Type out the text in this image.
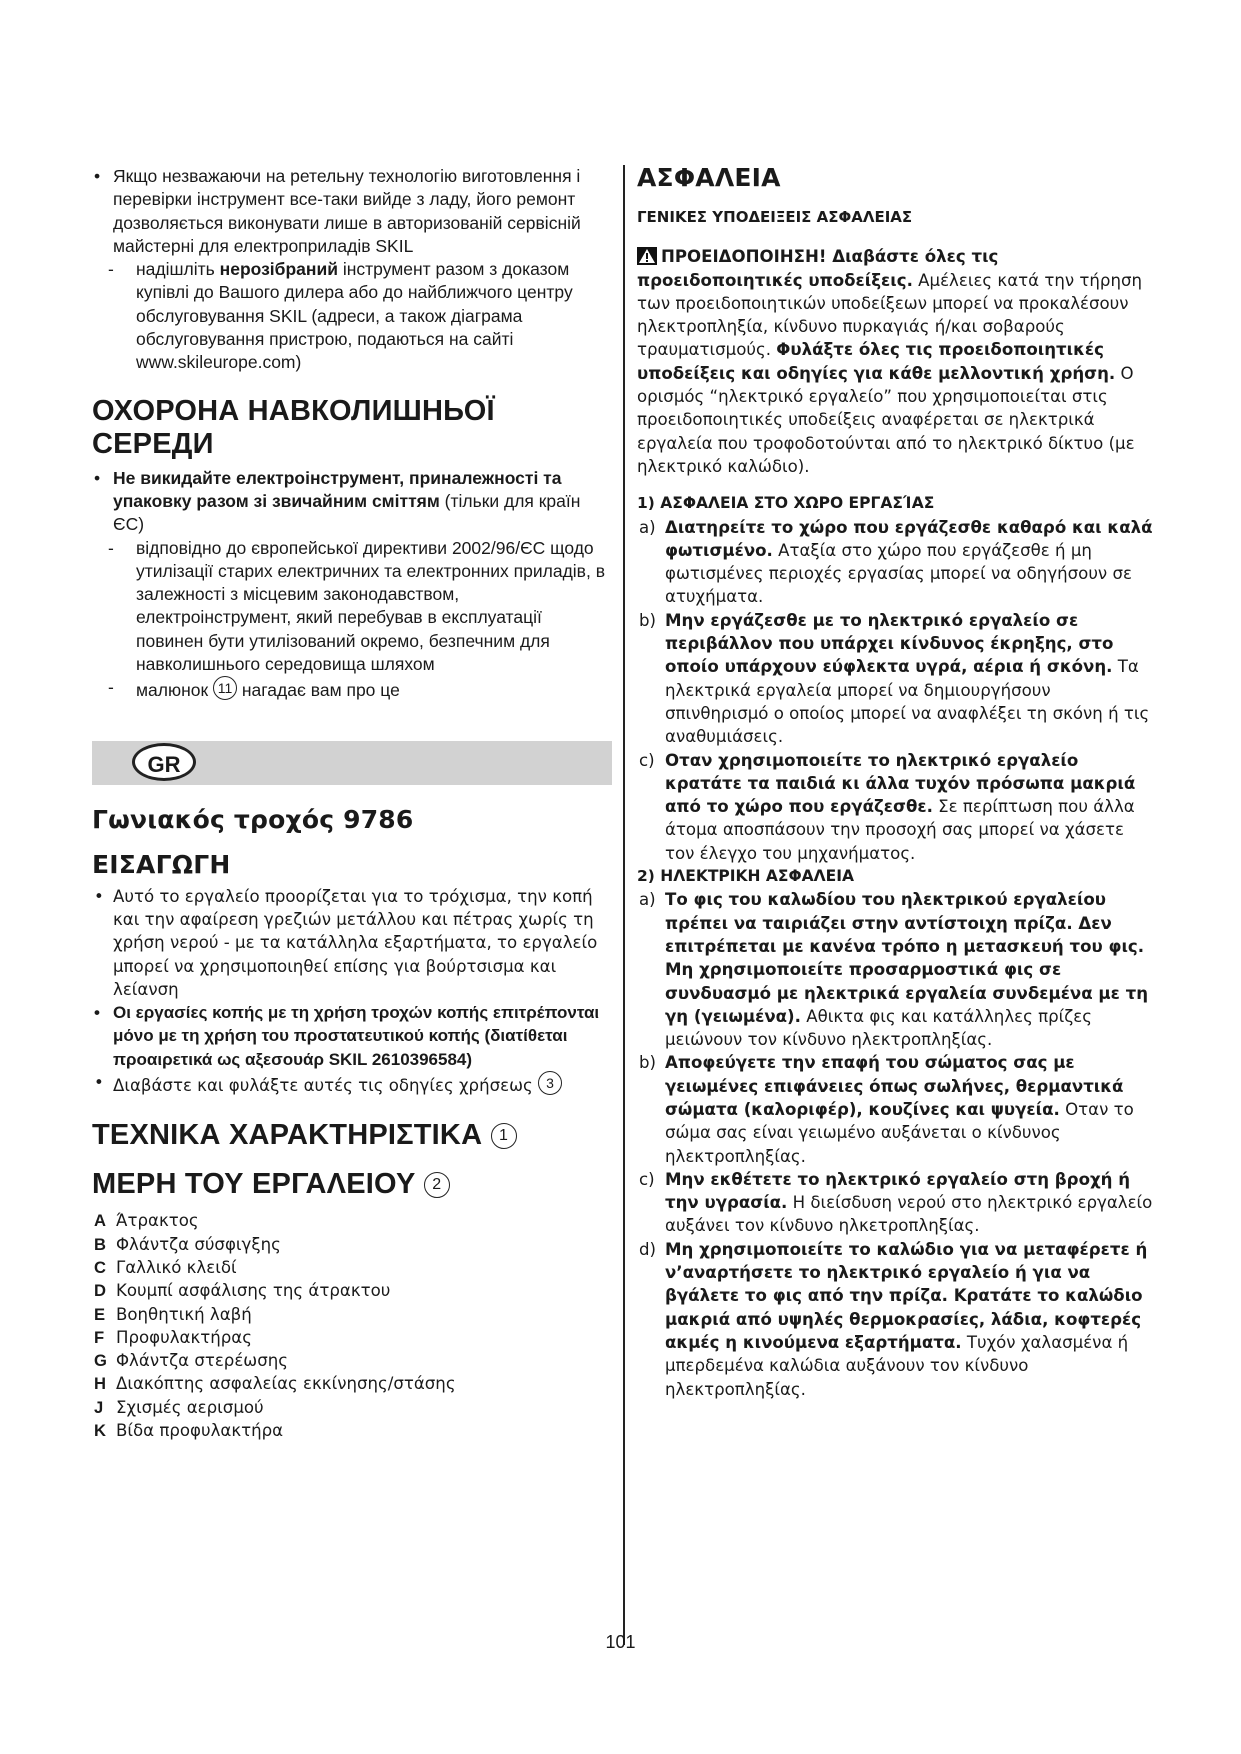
• Якщо незважаючи на ретельну технологію виготовлення і перевірки інструмент все-таки вийде з ладу, його ремонт дозволяється виконувати лише в авторизованій сервісній майстерні для електроприладів SKIL
- надішліть нерозібраний інструмент разом з доказом купівлі до Вашого дилера або до найближчого центру обслуговування SKIL (адреси, а також діаграма обслуговування пристрою, подаються на сайті www.skileurope.com)
ОХОРОНА НАВКОЛИШНЬОЇ СЕРЕДИ
• Не викидайте електроінструмент, приналежності та упаковку разом зі звичайним сміттям (тільки для країн ЄС)
- відповідно до європейської директиви 2002/96/ЄС щодо утилізації старих електричних та електронних приладів, в залежності з місцевим законодавством, електроінструмент, який перебував в експлуатації повинен бути утилізований окремо, безпечним для навколишнього середовища шляхом
- малюнок 11 нагадає вам про це
GR
Γωνιακός τροχός 9786
ΕΙΣΑΓΩΓΗ
• Αυτό το εργαλείο προορίζεται για το τρόχισμα, την κοπή και την αφαίρεση γρεζιών μετάλλου και πέτρας χωρίς τη χρήση νερού - με τα κατάλληλα εξαρτήματα, το εργαλείο μπορεί να χρησιμοποιηθεί επίσης για βούρτσισμα και λείανση
• Οι εργασίες κοπής με τη χρήση τροχών κοπής επιτρέπονται μόνο με τη χρήση του προστατευτικού κοπής (διατίθεται προαιρετικά ως αξεσουάρ SKIL 2610396584)
• Διαβάστε και φυλάξτε αυτές τις οδηγίες χρήσεως 3
ΤΕΧΝΙΚΑ ΧΑΡΑΚΤΗΡΙΣΤΙΚΑ 1
ΜΕΡΗ ΤΟΥ ΕΡΓΑΛΕΙΟΥ 2
A Άτρακτος
B Φλάντζα σύσφιγξης
C Γαλλικό κλειδί
D Κουμπί ασφάλισης της άτρακτου
E Βοηθητική λαβή
F Προφυλακτήρας
G Φλάντζα στερέωσης
H Διακόπτης ασφαλείας εκκίνησης/στάσης
J Σχισμές αερισμού
K Βίδα προφυλακτήρα
ΑΣΦΑΛΕΙΑ
ΓΕΝΙΚΕΣ ΥΠΟΔΕΙΞΕΙΣ ΑΣΦΑΛΕΙΑΣ
ΠΡΟΕΙΔΟΠΟΙΗΣΗ! Διαβάστε όλες τις προειδοποιητικές υποδείξεις. Αμέλειες κατά την τήρηση των προειδοποιητικών υποδείξεων μπορεί να προκαλέσουν ηλεκτροπληξία, κίνδυνο πυρκαγιάς ή/και σοβαρούς τραυματισμούς. Φυλάξτε όλες τις προειδοποιητικές υποδείξεις και οδηγίες για κάθε μελλοντική χρήση. Ο ορισμός “ηλεκτρικό εργαλείο” που χρησιμοποιείται στις προειδοποιητικές υποδείξεις αναφέρεται σε ηλεκτρικά εργαλεία που τροφοδοτούνται από το ηλεκτρικό δίκτυο (με ηλεκτρικό καλώδιο).
1) ΑΣΦΑΛΕΙΑ ΣΤΟ ΧΩΡΟ ΕΡΓΑΣΊΑΣ
a) Διατηρείτε το χώρο που εργάζεσθε καθαρό και καλά φωτισμένο. Αταξία στο χώρο που εργάζεσθε ή μη φωτισμένες περιοχές εργασίας μπορεί να οδηγήσουν σε ατυχήματα.
b) Μην εργάζεσθε με το ηλεκτρικό εργαλείο σε περιβάλλον που υπάρχει κίνδυνος έκρηξης, στο οποίο υπάρχουν εύφλεκτα υγρά, αέρια ή σκόνη. Τα ηλεκτρικά εργαλεία μπορεί να δημιουργήσουν σπινθηρισμό ο οποίος μπορεί να αναφλέξει τη σκόνη ή τις αναθυμιάσεις.
c) Οταν χρησιμοποιείτε το ηλεκτρικό εργαλείο κρατάτε τα παιδιά κι άλλα τυχόν πρόσωπα μακριά από το χώρο που εργάζεσθε. Σε περίπτωση που άλλα άτομα αποσπάσουν την προσοχή σας μπορεί να χάσετε τον έλεγχο του μηχανήματος.
2) ΗΛΕΚΤΡΙΚΗ ΑΣΦΑΛΕΙΑ
a) Το φις του καλωδίου του ηλεκτρικού εργαλείου πρέπει να ταιριάζει στην αντίστοιχη πρίζα. Δεν επιτρέπεται με κανένα τρόπο η μετασκευή του φις. Μη χρησιμοποιείτε προσαρμοστικά φις σε συνδυασμό με ηλεκτρικά εργαλεία συνδεμένα με τη γη (γειωμένα). Αθικτα φις και κατάλληλες πρίζες μειώνουν τον κίνδυνο ηλεκτροπληξίας.
b) Αποφεύγετε την επαφή του σώματος σας με γειωμένες επιφάνειες όπως σωλήνες, θερμαντικά σώματα (καλοριφέρ), κουζίνες και ψυγεία. Οταν το σώμα σας είναι γειωμένο αυξάνεται ο κίνδυνος ηλεκτροπληξίας.
c) Μην εκθέτετε το ηλεκτρικό εργαλείο στη βροχή ή την υγρασία. Η διείσδυση νερού στο ηλεκτρικό εργαλείο αυξάνει τον κίνδυνο ηλκετροπληξίας.
d) Μη χρησιμοποιείτε το καλώδιο για να μεταφέρετε ή ν’αναρτήσετε το ηλεκτρικό εργαλείο ή για να βγάλετε το φις από την πρίζα. Κρατάτε το καλώδιο μακριά από υψηλές θερμοκρασίες, λάδια, κοφτερές ακμές η κινούμενα εξαρτήματα. Τυχόν χαλασμένα ή μπερδεμένα καλώδια αυξάνουν τον κίνδυνο ηλεκτροπληξίας.
101
